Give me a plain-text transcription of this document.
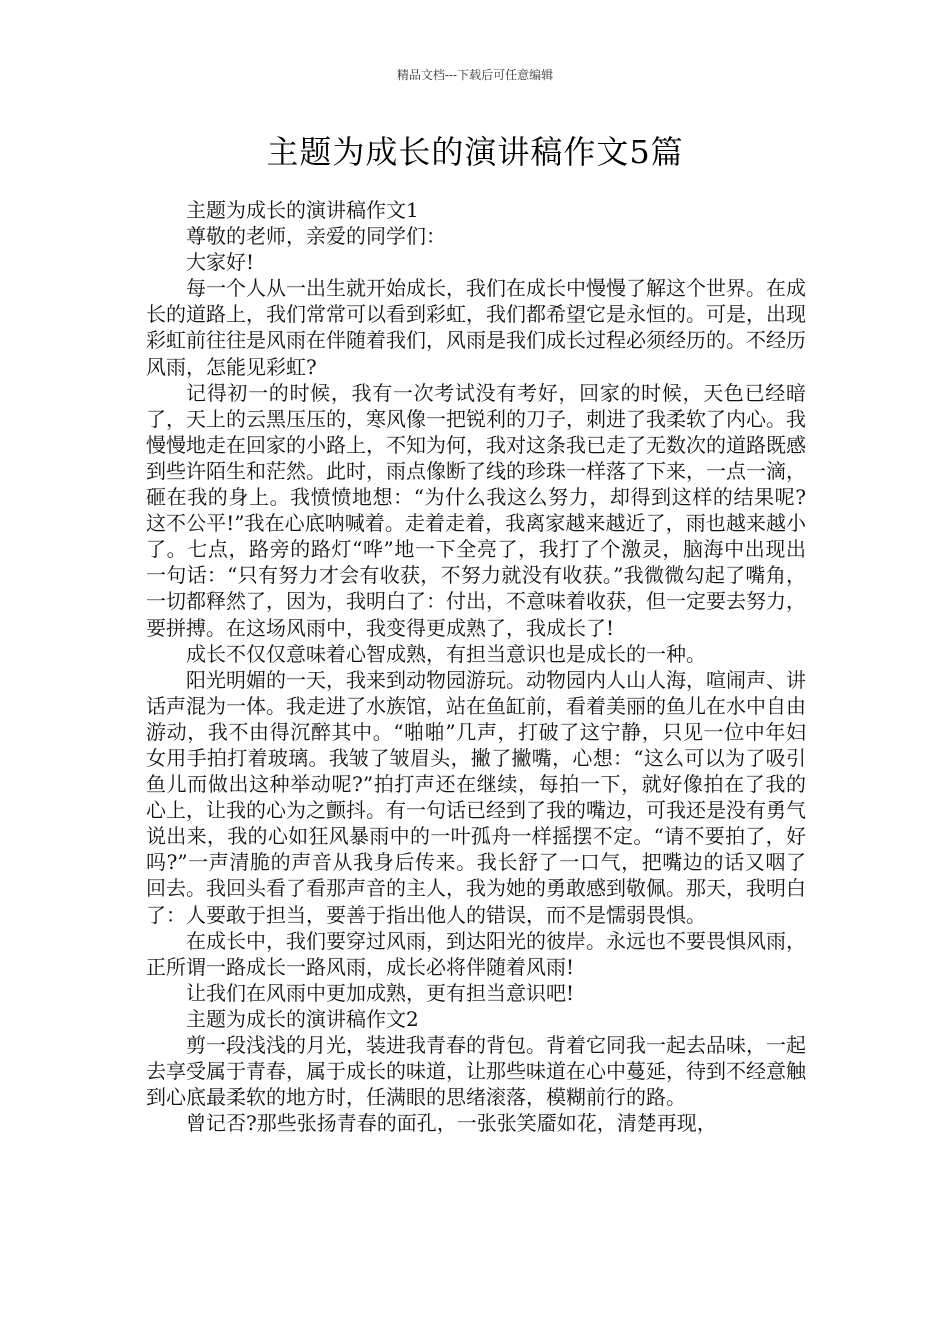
精品文档---下载后可任意编辑
主题为成长的演讲稿作文5篇

主题为成长的演讲稿作文1

尊敬的老师，亲爱的同学们：

大家好!

每一个人从一出生就开始成长，我们在成长中慢慢了解这个世界。在成长的道路上，我们常常可以看到彩虹，我们都希望它是永恒的。可是，出现彩虹前往往是风雨在伴随着我们，风雨是我们成长过程必须经历的。不经历风雨，怎能见彩虹?

记得初一的时候，我有一次考试没有考好，回家的时候，天色已经暗了，天上的云黑压压的，寒风像一把锐利的刀子，刺进了我柔软了内心。我慢慢地走在回家的小路上，不知为何，我对这条我已走了无数次的道路既感到些许陌生和茫然。此时，雨点像断了线的珍珠一样落了下来，一点一滴，砸在我的身上。我愤愤地想：“为什么我这么努力，却得到这样的结果呢?这不公平!”我在心底呐喊着。走着走着，我离家越来越近了，雨也越来越小了。七点，路旁的路灯“哗”地一下全亮了，我打了个激灵，脑海中出现出一句话：“只有努力才会有收获，不努力就没有收获。”我微微勾起了嘴角，一切都释然了，因为，我明白了：付出，不意味着收获，但一定要去努力，要拼搏。在这场风雨中，我变得更成熟了，我成长了!

成长不仅仅意味着心智成熟，有担当意识也是成长的一种。

阳光明媚的一天，我来到动物园游玩。动物园内人山人海，喧闹声、讲话声混为一体。我走进了水族馆，站在鱼缸前，看着美丽的鱼儿在水中自由游动，我不由得沉醉其中。“啪啪”几声，打破了这宁静，只见一位中年妇女用手拍打着玻璃。我皱了皱眉头，撇了撇嘴，心想：“这么可以为了吸引鱼儿而做出这种举动呢?”拍打声还在继续，每拍一下，就好像拍在了我的心上，让我的心为之颤抖。有一句话已经到了我的嘴边，可我还是没有勇气说出来，我的心如狂风暴雨中的一叶孤舟一样摇摆不定。“请不要拍了，好吗?”一声清脆的声音从我身后传来。我长舒了一口气，把嘴边的话又咽了回去。我回头看了看那声音的主人，我为她的勇敢感到敬佩。那天，我明白了：人要敢于担当，要善于指出他人的错误，而不是懦弱畏惧。

在成长中，我们要穿过风雨，到达阳光的彼岸。永远也不要畏惧风雨，正所谓一路成长一路风雨，成长必将伴随着风雨!

让我们在风雨中更加成熟，更有担当意识吧!

主题为成长的演讲稿作文2

剪一段浅浅的月光，装进我青春的背包。背着它同我一起去品味，一起去享受属于青春，属于成长的味道，让那些味道在心中蔓延，待到不经意触到心底最柔软的地方时，任满眼的思绪滚落，模糊前行的路。

曾记否?那些张扬青春的面孔，一张张笑靥如花，清楚再现，
